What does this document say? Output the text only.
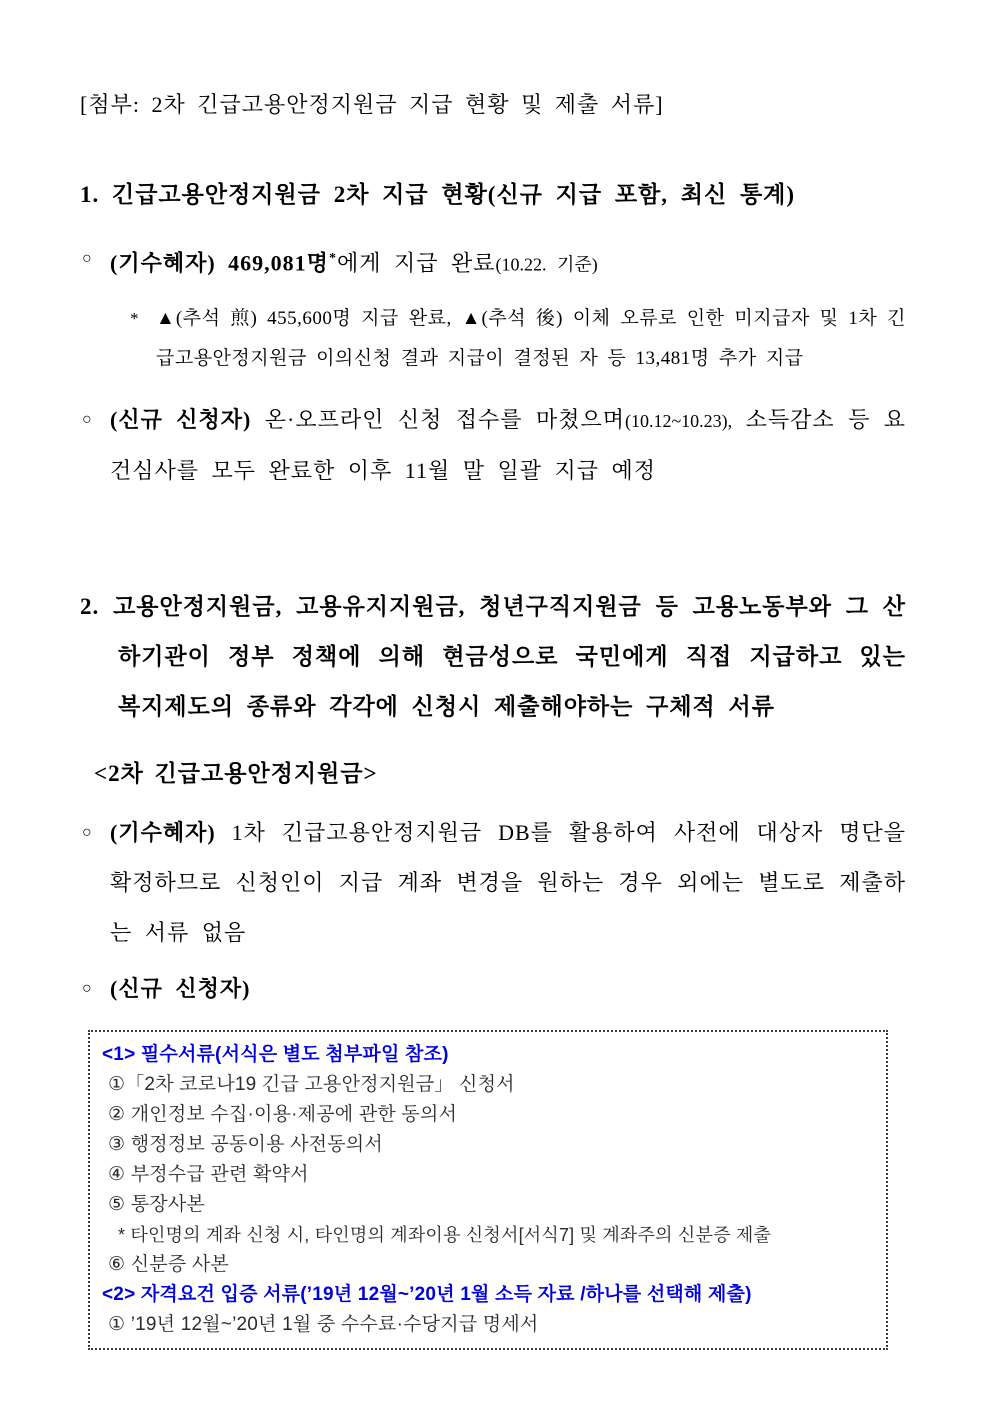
[첨부: 2차 긴급고용안정지원금 지급 현황 및 제출 서류]
1. 긴급고용안정지원금 2차 지급 현황(신규 지급 포함, 최신 통계)
○ (기수혜자) 469,081명*에게 지급 완료(10.22. 기준)
* ▲(추석 煎) 455,600명 지급 완료, ▲(추석 後) 이체 오류로 인한 미지급자 및 1차 긴급고용안정지원금 이의신청 결과 지급이 결정된 자 등 13,481명 추가 지급
○ (신규 신청자) 온·오프라인 신청 접수를 마쳤으며(10.12~10.23), 소득감소 등 요건심사를 모두 완료한 이후 11월 말 일괄 지급 예정
2. 고용안정지원금, 고용유지지원금, 청년구직지원금 등 고용노동부와 그 산하기관이 정부 정책에 의해 현금성으로 국민에게 직접 지급하고 있는 복지제도의 종류와 각각에 신청시 제출해야하는 구체적 서류
<2차 긴급고용안정지원금>
○ (기수혜자) 1차 긴급고용안정지원금 DB를 활용하여 사전에 대상자 명단을 확정하므로 신청인이 지급 계좌 변경을 원하는 경우 외에는 별도로 제출하는 서류 없음
○ (신규 신청자)
<1> 필수서류(서식은 별도 첨부파일 참조)
①「2차 코로나19 긴급 고용안정지원금」 신청서
② 개인정보 수집·이용·제공에 관한 동의서
③ 행정정보 공동이용 사전동의서
④ 부정수급 관련 확약서
⑤ 통장사본
* 타인명의 계좌 신청 시, 타인명의 계좌이용 신청서[서식7] 및 계좌주의 신분증 제출
⑥ 신분증 사본
<2> 자격요건 입증 서류(’19년 12월~’20년 1월 소득 자료 /하나를 선택해 제출)
① ’19년 12월~’20년 1월 중 수수료·수당지급 명세서
